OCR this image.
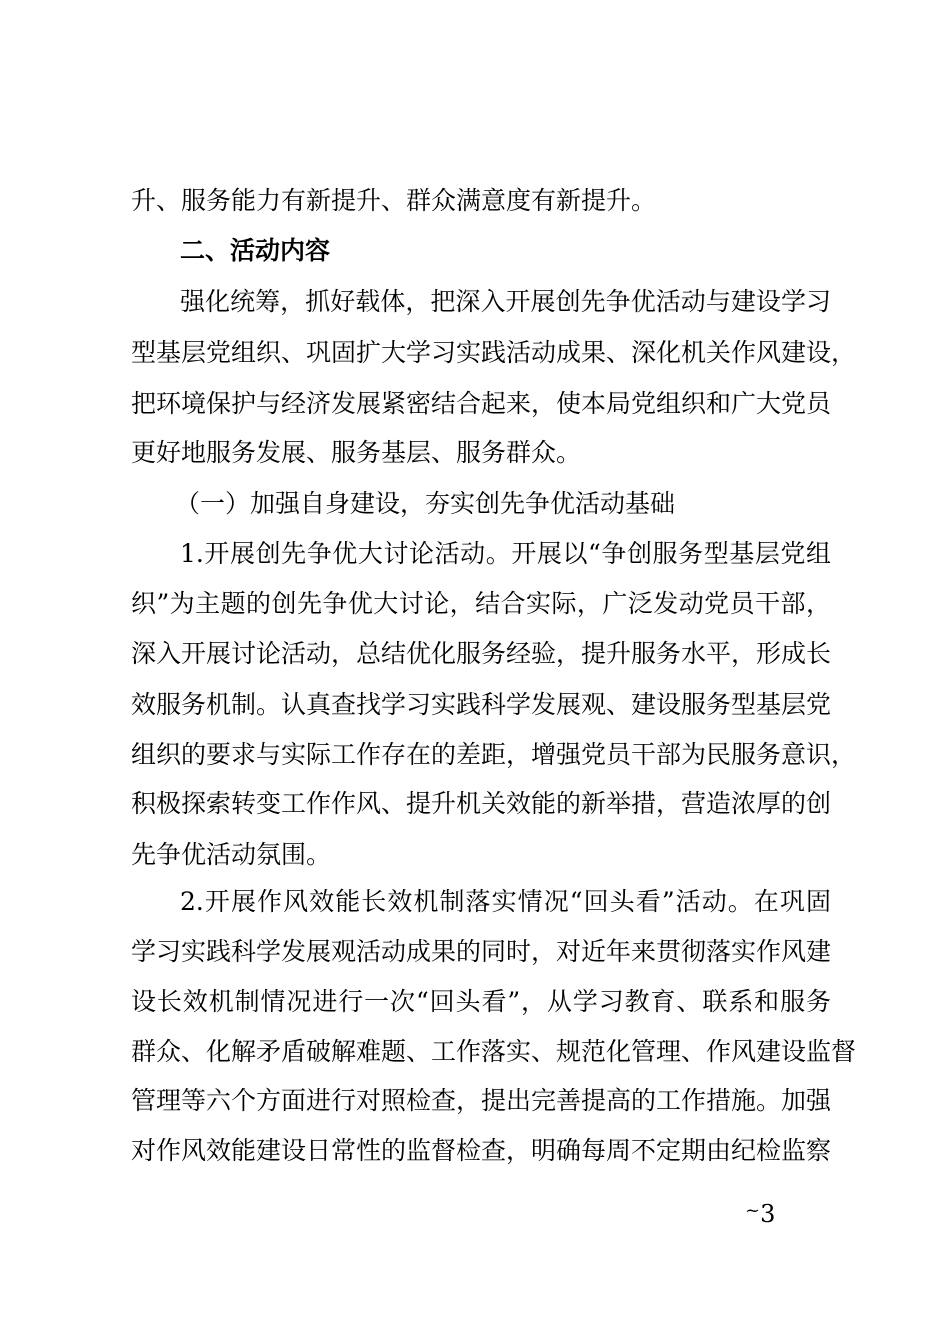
升、服务能力有新提升、群众满意度有新提升。
二、活动内容
强化统筹，抓好载体，把深入开展创先争优活动与建设学习
型基层党组织、巩固扩大学习实践活动成果、深化机关作风建设，
把环境保护与经济发展紧密结合起来，使本局党组织和广大党员
更好地服务发展、服务基层、服务群众。
（一）加强自身建设，夯实创先争优活动基础
1.开展创先争优大讨论活动。开展以“争创服务型基层党组
织”为主题的创先争优大讨论，结合实际，广泛发动党员干部，
深入开展讨论活动，总结优化服务经验，提升服务水平，形成长
效服务机制。认真查找学习实践科学发展观、建设服务型基层党
组织的要求与实际工作存在的差距，增强党员干部为民服务意识，
积极探索转变工作作风、提升机关效能的新举措，营造浓厚的创
先争优活动氛围。
2.开展作风效能长效机制落实情况“回头看”活动。在巩固
学习实践科学发展观活动成果的同时，对近年来贯彻落实作风建
设长效机制情况进行一次“回头看”，从学习教育、联系和服务
群众、化解矛盾破解难题、工作落实、规范化管理、作风建设监督
管理等六个方面进行对照检查，提出完善提高的工作措施。加强
对作风效能建设日常性的监督检查，明确每周不定期由纪检监察
~3
